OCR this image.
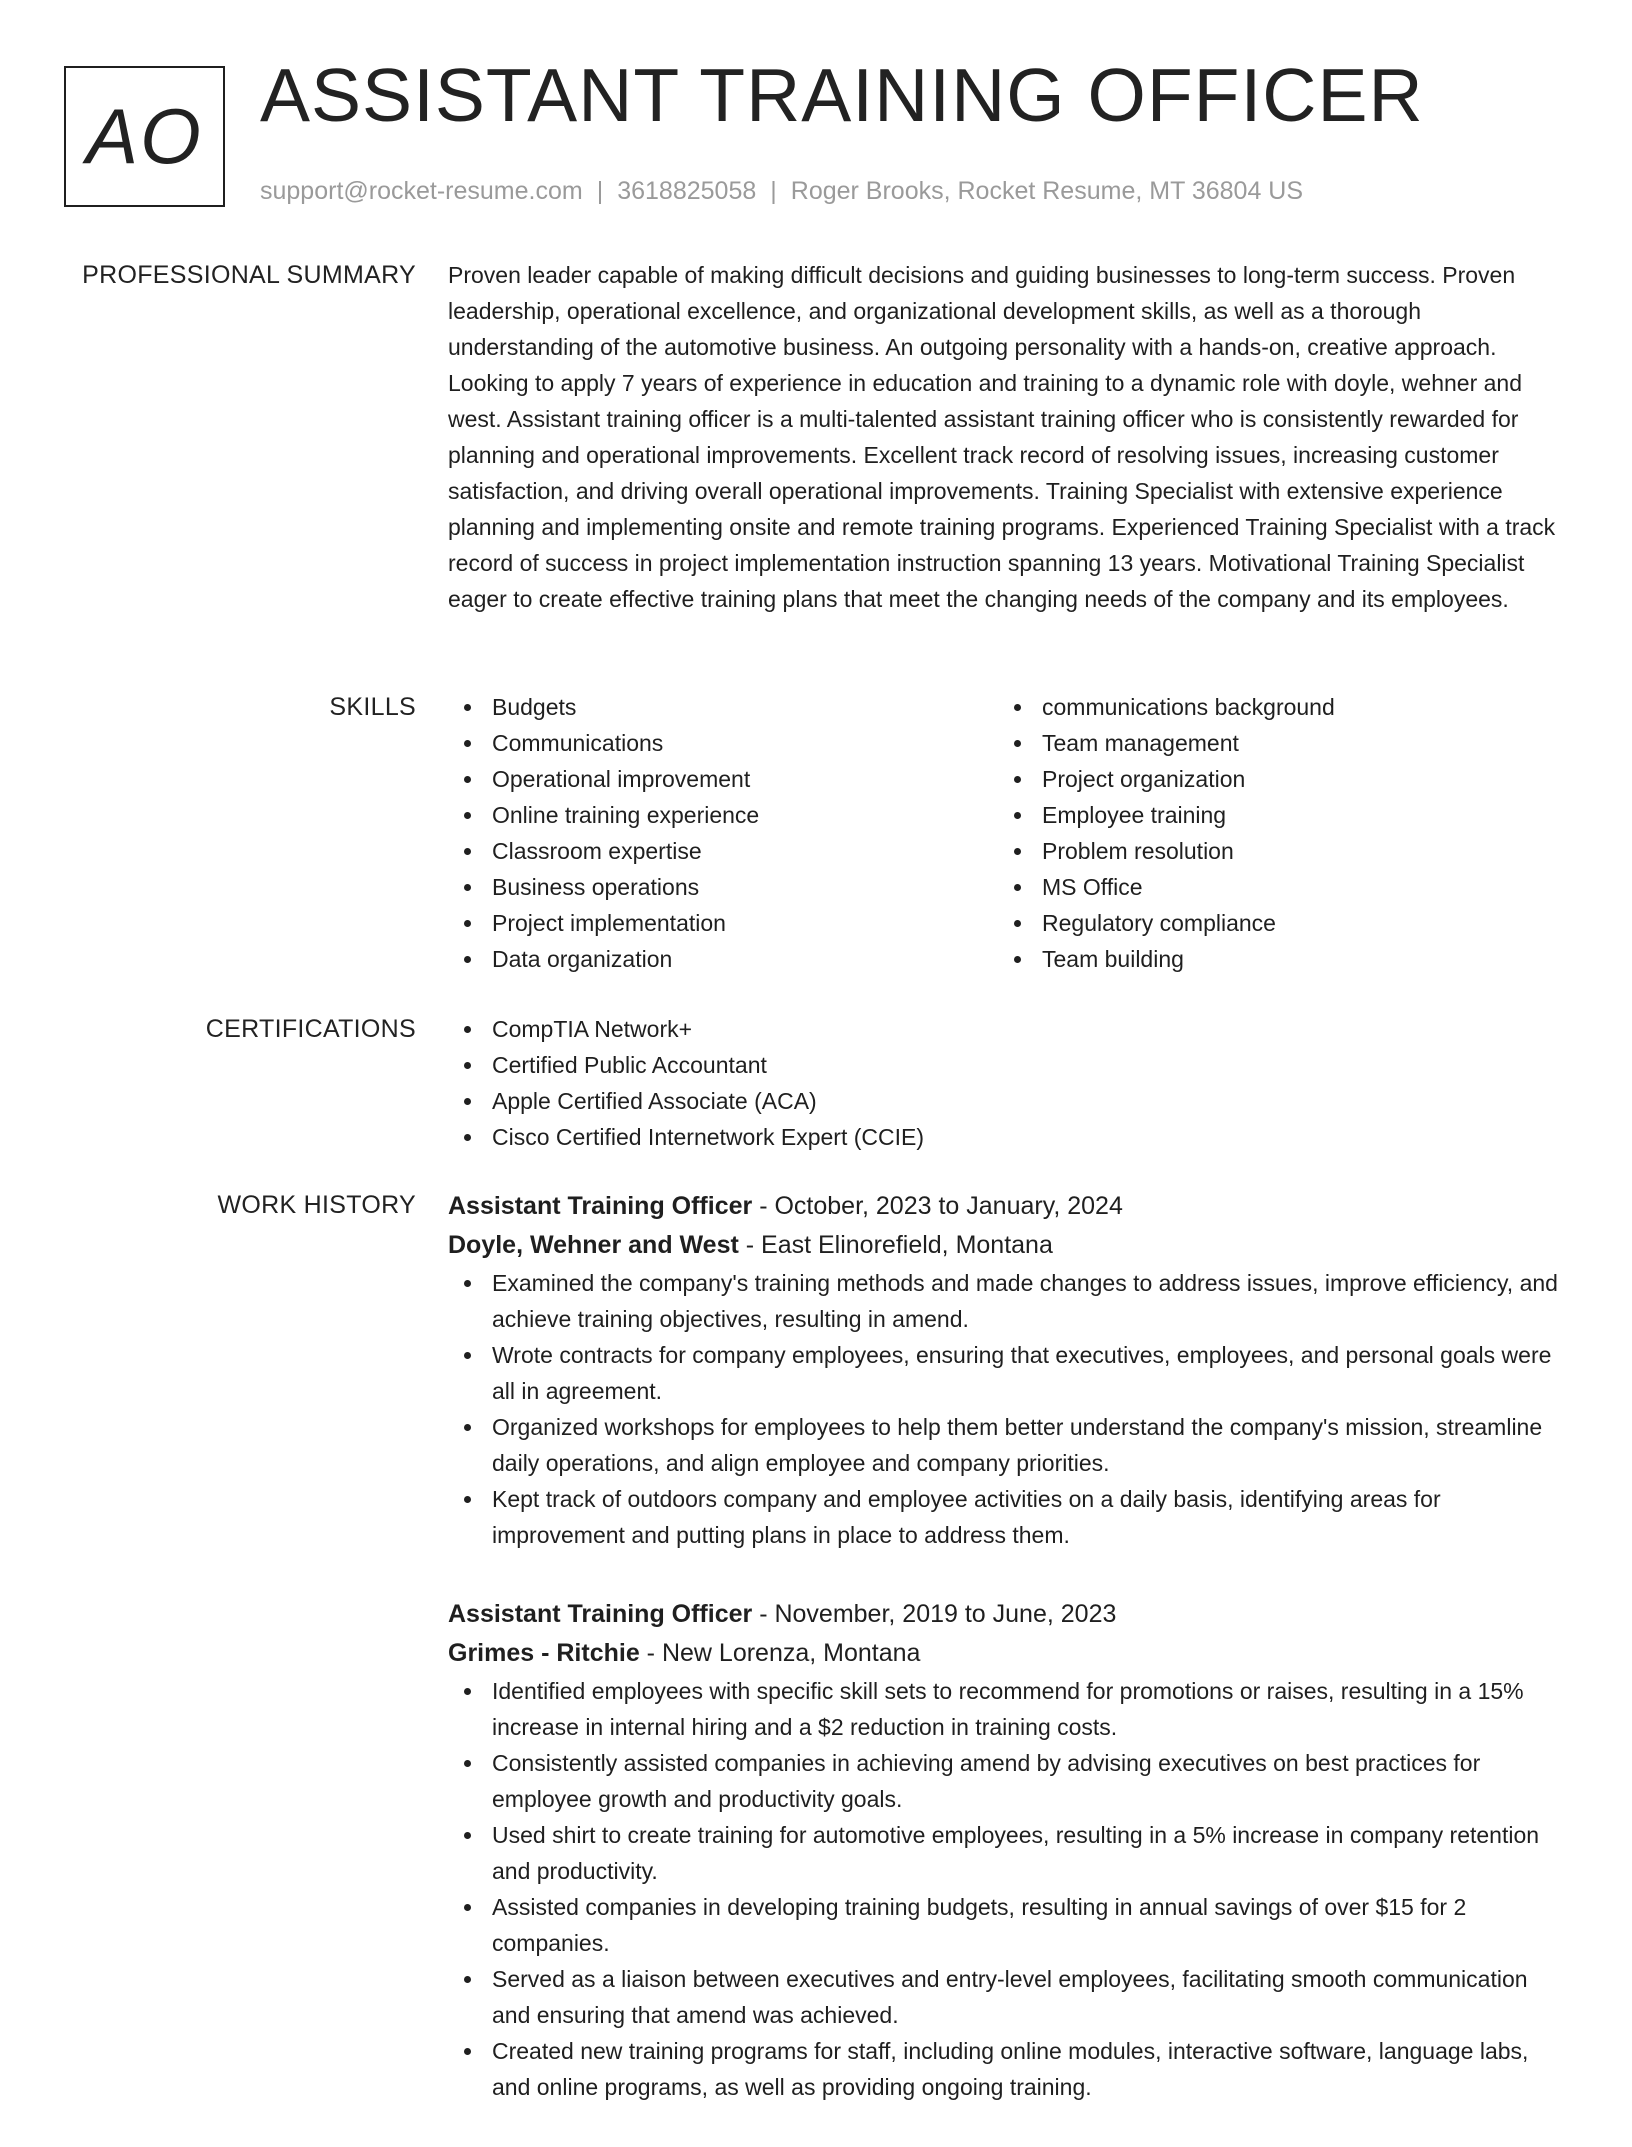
AO ASSISTANT TRAINING OFFICER
support@rocket-resume.com | 3618825058 | Roger Brooks, Rocket Resume, MT 36804 US
PROFESSIONAL SUMMARY Proven leader capable of making difficult decisions and guiding businesses to long-term success. Proven leadership, operational excellence, and organizational development skills, as well as a thorough understanding of the automotive business. An outgoing personality with a hands-on, creative approach. Looking to apply 7 years of experience in education and training to a dynamic role with doyle, wehner and west. Assistant training officer is a multi-talented assistant training officer who is consistently rewarded for planning and operational improvements. Excellent track record of resolving issues, increasing customer satisfaction, and driving overall operational improvements. Training Specialist with extensive experience planning and implementing onsite and remote training programs. Experienced Training Specialist with a track record of success in project implementation instruction spanning 13 years. Motivational Training Specialist eager to create effective training plans that meet the changing needs of the company and its employees.

SKILLS	Budgets
Communications
Operational improvement
Online training experience
Classroom expertise
Business operations
Project implementation
Data organization
communications background
Team management
Project organization
Employee training
Problem resolution
MS Office
Regulatory compliance
Team building
CERTIFICATIONS	CompTIA Network+
Certified Public Accountant
Apple Certified Associate (ACA)
Cisco Certified Internetwork Expert (CCIE)
WORK HISTORY Assistant Training Officer - October, 2023 to January, 2024
Doyle, Wehner and West - East Elinorefield, Montana
Examined the company's training methods and made changes to address issues, improve efficiency, and achieve training objectives, resulting in amend.
Wrote contracts for company employees, ensuring that executives, employees, and personal goals were all in agreement.
Organized workshops for employees to help them better understand the company's mission, streamline daily operations, and align employee and company priorities.
Kept track of outdoors company and employee activities on a daily basis, identifying areas for improvement and putting plans in place to address them.
Assistant Training Officer - November, 2019 to June, 2023
Grimes - Ritchie - New Lorenza, Montana
Identified employees with specific skill sets to recommend for promotions or raises, resulting in a 15% increase in internal hiring and a $2 reduction in training costs.
Consistently assisted companies in achieving amend by advising executives on best practices for employee growth and productivity goals.
Used shirt to create training for automotive employees, resulting in a 5% increase in company retention and productivity.
Assisted companies in developing training budgets, resulting in annual savings of over $15 for 2 companies.
Served as a liaison between executives and entry-level employees, facilitating smooth communication and ensuring that amend was achieved.
Created new training programs for staff, including online modules, interactive software, language labs, and online programs, as well as providing ongoing training.
